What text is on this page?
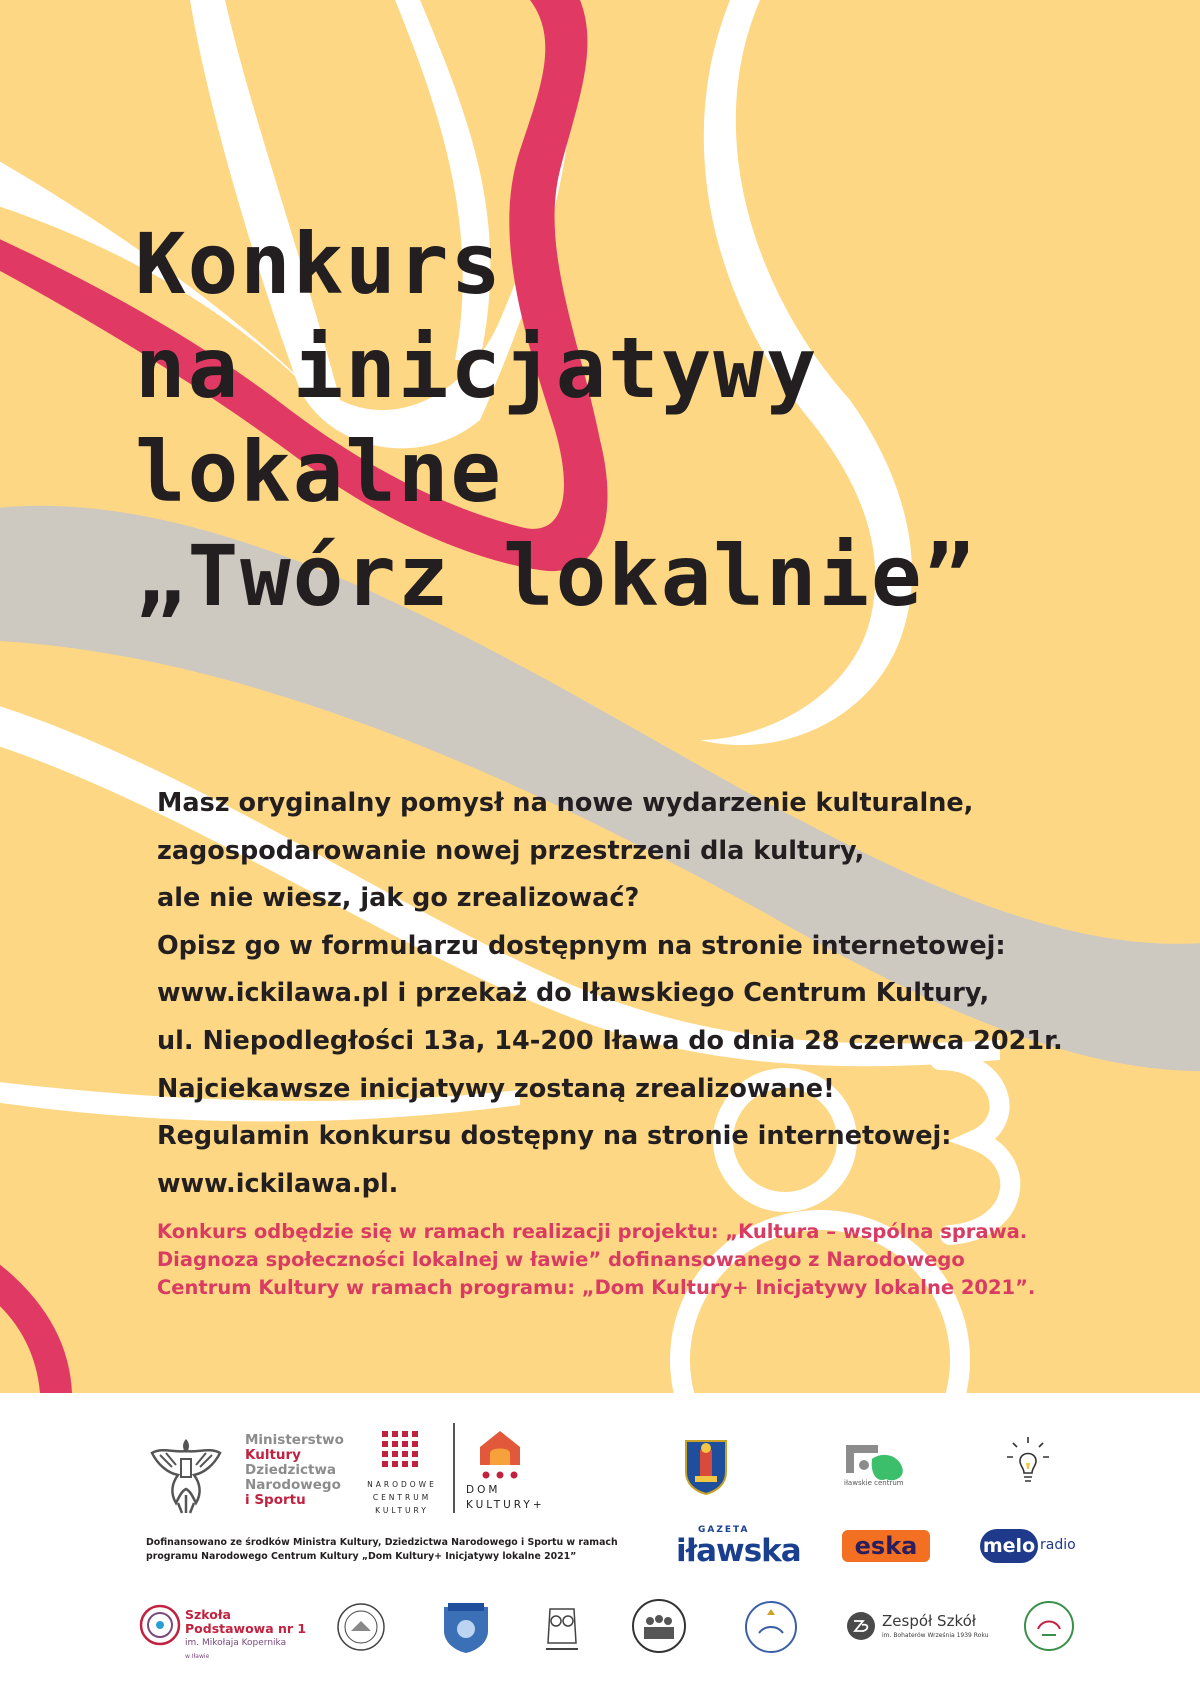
Konkurs
na inicjatywy
lokalne
„Twórz lokalnie”

Masz oryginalny pomysł na nowe wydarzenie kulturalne,
zagospodarowanie nowej przestrzeni dla kultury,
ale nie wiesz, jak go zrealizować?
Opisz go w formularzu dostępnym na stronie internetowej:
www.ickilawa.pl i przekaż do Iławskiego Centrum Kultury,
ul. Niepodległości 13a, 14-200 Iława do dnia 28 czerwca 2021r.
Najciekawsze inicjatywy zostaną zrealizowane!
Regulamin konkursu dostępny na stronie internetowej:
www.ickilawa.pl.

Konkurs odbędzie się w ramach realizacji projektu: „Kultura – wspólna sprawa.
Diagnoza społeczności lokalnej w ławie” dofinansowanego z Narodowego
Centrum Kultury w ramach programu: „Dom Kultury+ Inicjatywy lokalne 2021”.

Ministerstwo
Kultury
Dziedzictwa
Narodowego
i Sportu
NARODOWE
CENTRUM
KULTURY
DOM
KULTURY+

Dofinansowano ze środków Ministra Kultury, Dziedzictwa Narodowego i Sportu w ramach
programu Narodowego Centrum Kultury „Dom Kultury+ Inicjatywy lokalne 2021”

iławskie centrum
GAZETA
iławska	eska	melo radio
Szkoła
Podstawowa nr 1
im. Mikołaja Kopernika
w Iławie
Zespół Szkół
im. Bohaterów Września 1939 Roku
